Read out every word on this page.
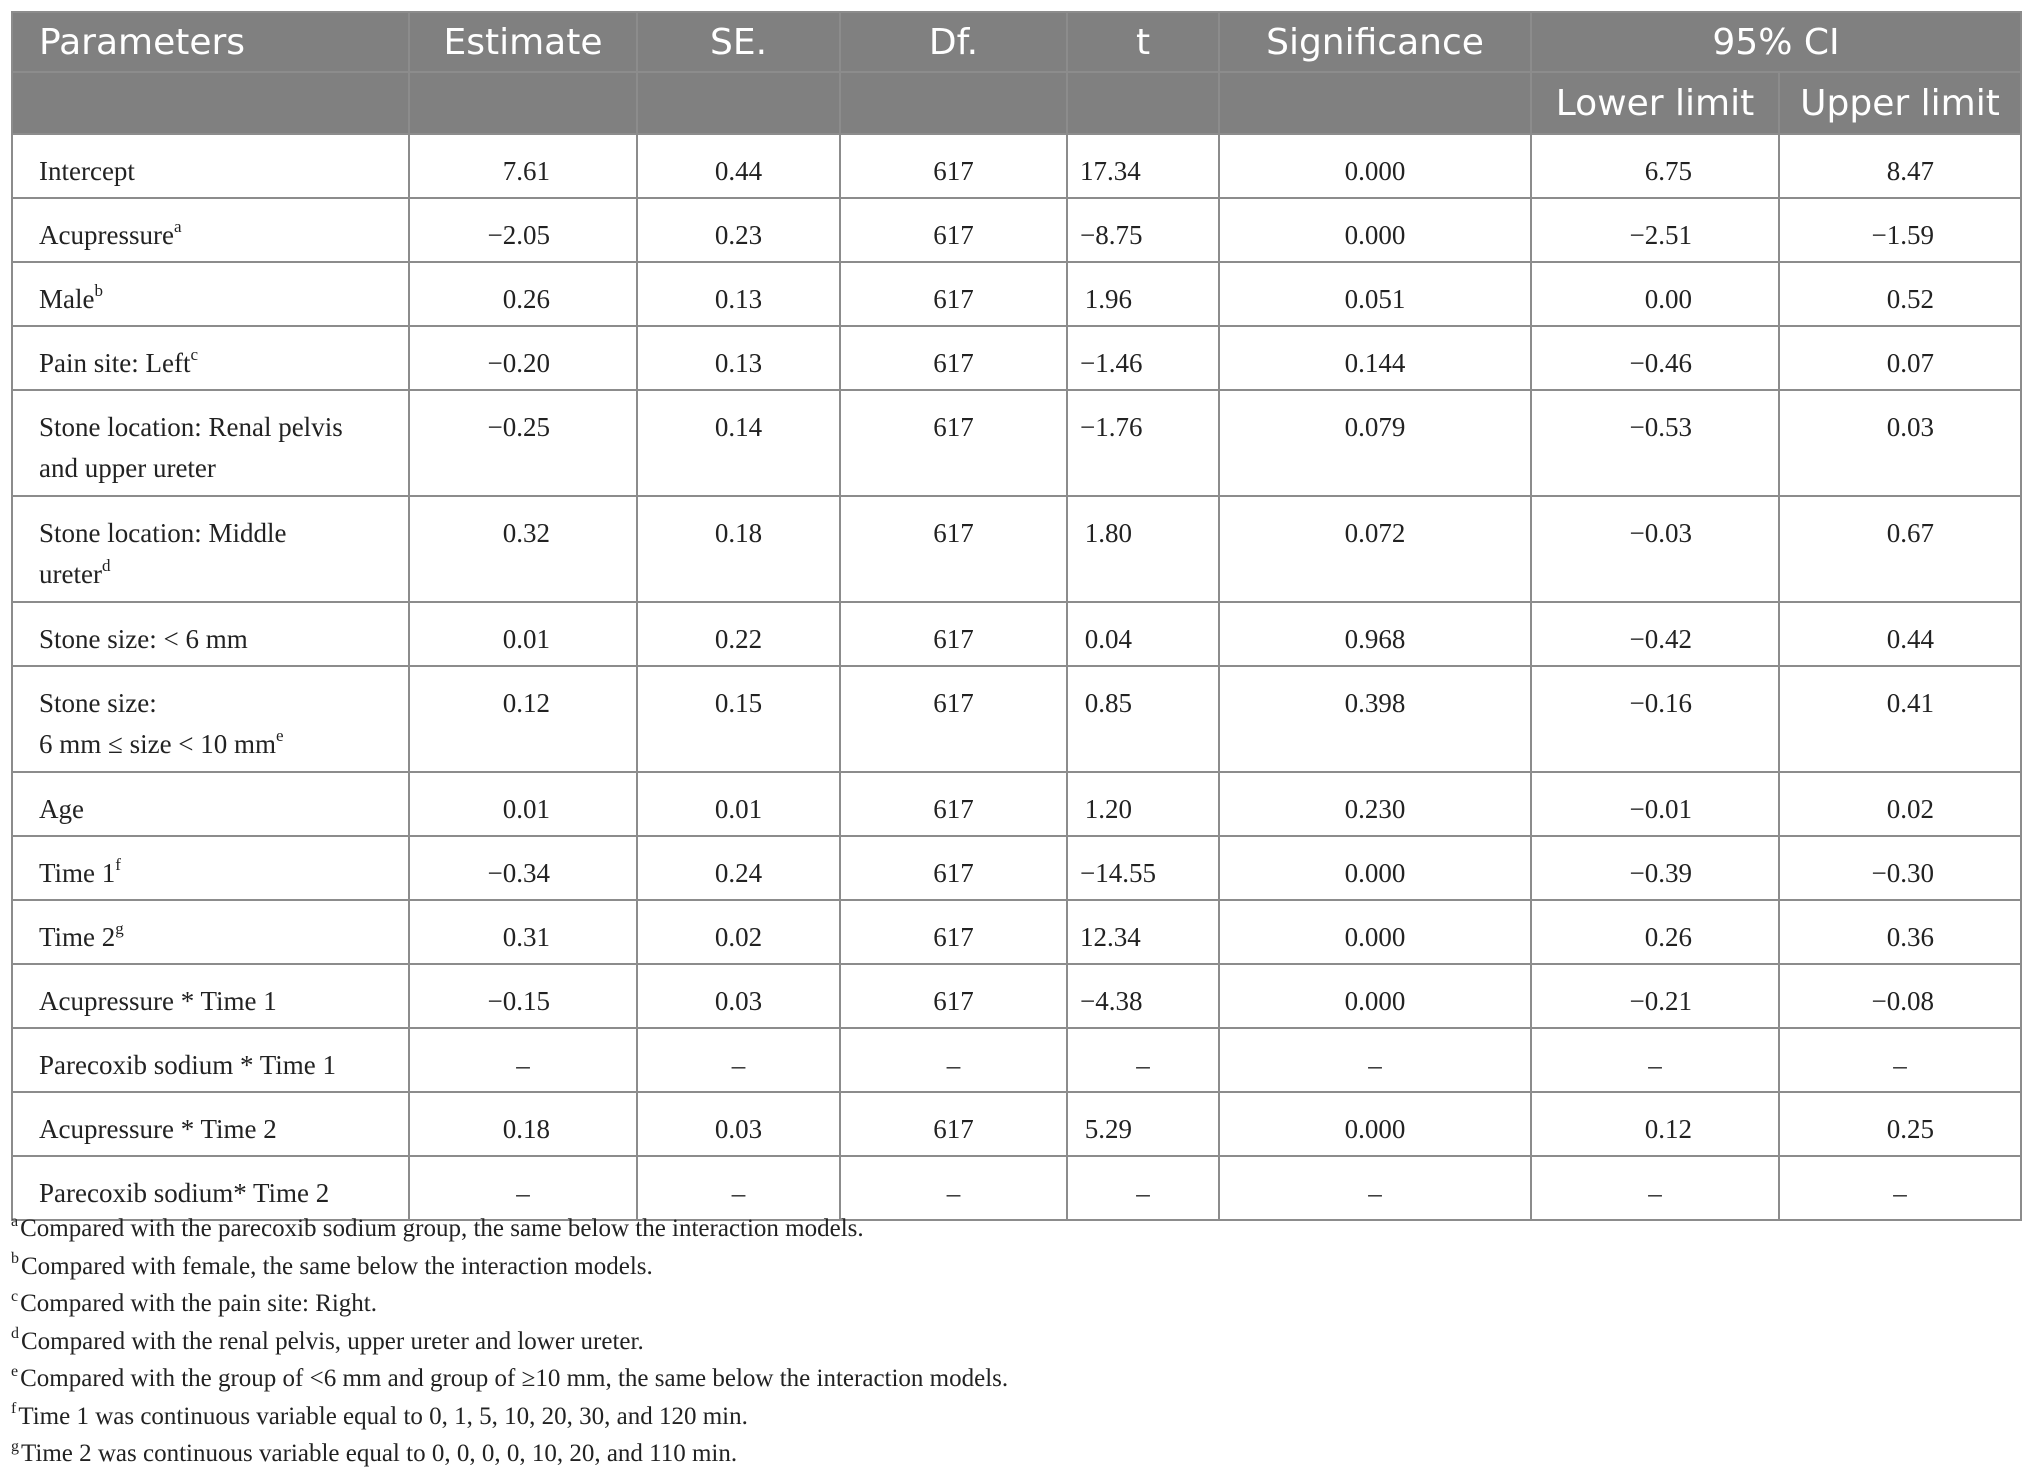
Parameters	Estimate	SE.	Df.	t	Significance	95% CI	
						Lower limit	Upper limit
Intercept	7.61	0.44	617	17.34	0.000	6.75	8.47
Acupressure$^a$	−2.05	0.23	617	−8.75	0.000	−2.51	−1.59
Male$^b$	0.26	0.13	617	1.96	0.051	0.00	0.52
Pain site: Left$^c$	−0.20	0.13	617	−1.46	0.144	−0.46	0.07
Stone location: Renal pelvis
and upper ureter	−0.25	0.14	617	−1.76	0.079	−0.53	0.03
Stone location: Middle
ureter$^d$	0.32	0.18	617	1.80	0.072	−0.03	0.67
Stone size: < 6 mm	0.01	0.22	617	0.04	0.968	−0.42	0.44
Stone size:
6 mm ≤ size < 10 $mm^e$	0.12	0.15	617	0.85	0.398	−0.16	0.41
Age	0.01	0.01	617	1.20	0.230	−0.01	0.02
Time $1^f$	−0.34	0.24	617	−14.55	0.000	−0.39	−0.30
Time 2$^g$	0.31	0.02	617	12.34	0.000	0.26	0.36
Acupressure * Time 1	−0.15	0.03	617	−4.38	0.000	−0.21	−0.08
Parecoxib sodium * Time 1	–	–	–	–	–	–	–
Acupressure * Time 2	0.18	0.03	617	5.29	0.000	0.12	0.25
Parecoxib sodium* Time 2	–	–	–	–	–	–	–
$^a$Compared with the parecoxib sodium group, the same below the interaction models.
$^b$Compared with female, the same below the interaction models.
$^c$Compared with the pain site: Right.
$^d$Compared with the renal pelvis, upper ureter and lower ureter.
$^e$Compared with the group of <6 mm and group of ≥10 mm, the same below the interaction models.
$^f$Time 1 was continuous variable equal to 0, 1, 5, 10, 20, 30, and 120 min.
$^g$Time 2 was continuous variable equal to 0, 0, 0, 0, 10, 20, and 110 min.
